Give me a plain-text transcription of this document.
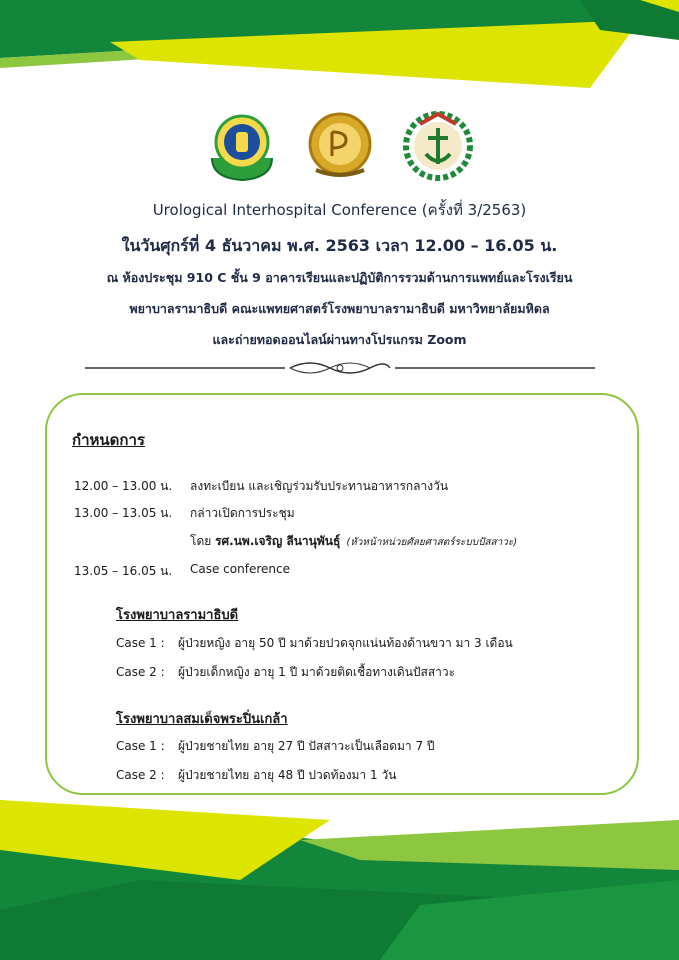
Urological Interhospital Conference (ครั้งที่ 3/2563)
ในวันศุกร์ที่ 4 ธันวาคม พ.ศ. 2563 เวลา 12.00 – 16.05 น.
ณ ห้องประชุม 910 C ชั้น 9 อาคารเรียนและปฏิบัติการรวมด้านการแพทย์และโรงเรียน
พยาบาลรามาธิบดี คณะแพทยศาสตร์โรงพยาบาลรามาธิบดี มหาวิทยาลัยมหิดล
และถ่ายทอดออนไลน์ผ่านทางโปรแกรม Zoom
กำหนดการ
12.00 – 13.00 น. ลงทะเบียน และเชิญร่วมรับประทานอาหารกลางวัน
13.00 – 13.05 น. กล่าวเปิดการประชุม
โดย รศ.นพ.เจริญ ลีนานุพันธุ์ (หัวหน้าหน่วยศัลยศาสตร์ระบบปัสสาวะ)
13.05 – 16.05 น. Case conference
โรงพยาบาลรามาธิบดี
Case 1 : ผู้ป่วยหญิง อายุ 50 ปี มาด้วยปวดจุกแน่นท้องด้านขวา มา 3 เดือน
Case 2 : ผู้ป่วยเด็กหญิง อายุ 1 ปี มาด้วยติดเชื้อทางเดินปัสสาวะ
โรงพยาบาลสมเด็จพระปิ่นเกล้า
Case 1 : ผู้ป่วยชายไทย อายุ 27 ปี ปัสสาวะเป็นเลือดมา 7 ปี
Case 2 : ผู้ป่วยชายไทย อายุ 48 ปี ปวดท้องมา 1 วัน
